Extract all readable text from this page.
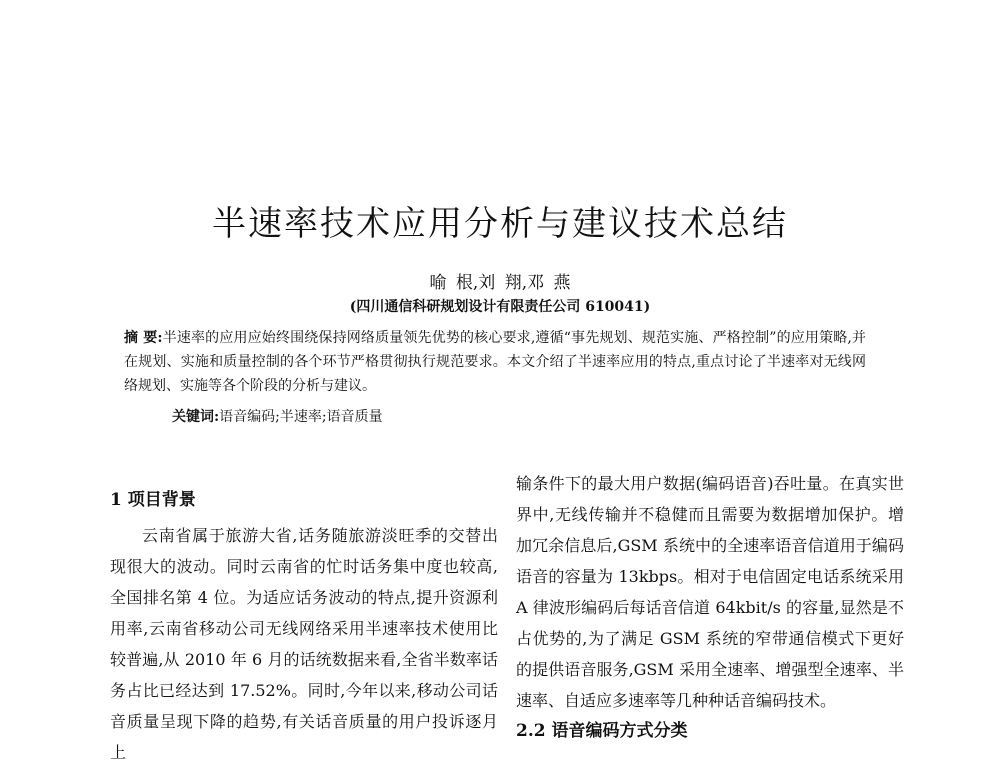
半速率技术应用分析与建议技术总结
喻 根,刘 翔,邓 燕
(四川通信科研规划设计有限责任公司 610041)

摘 要:半速率的应用应始终围绕保持网络质量领先优势的核心要求,遵循“事先规划、规范实施、严格控制”的应用策略,并在规划、实施和质量控制的各个环节严格贯彻执行规范要求。本文介绍了半速率应用的特点,重点讨论了半速率对无线网络规划、实施等各个阶段的分析与建议。

关键词:语音编码;半速率;语音质量

1 项目背景

云南省属于旅游大省,话务随旅游淡旺季的交替出现很大的波动。同时云南省的忙时话务集中度也较高,全国排名第 4 位。为适应话务波动的特点,提升资源利用率,云南省移动公司无线网络采用半速率技术使用比较普遍,从 2010 年 6 月的话统数据来看,全省半数率话务占比已经达到 17.52%。同时,今年以来,移动公司话音质量呈现下降的趋势,有关话音质量的用户投诉逐月上

输条件下的最大用户数据(编码语音)吞吐量。在真实世界中,无线传输并不稳健而且需要为数据增加保护。增加冗余信息后,GSM 系统中的全速率语音信道用于编码语音的容量为 13kbps。相对于电信固定电话系统采用 A 律波形编码后每话音信道 64kbit/s 的容量,显然是不占优势的,为了满足 GSM 系统的窄带通信模式下更好的提供语音服务,GSM 采用全速率、增强型全速率、半速率、自适应多速率等几种种话音编码技术。

2.2 语音编码方式分类
